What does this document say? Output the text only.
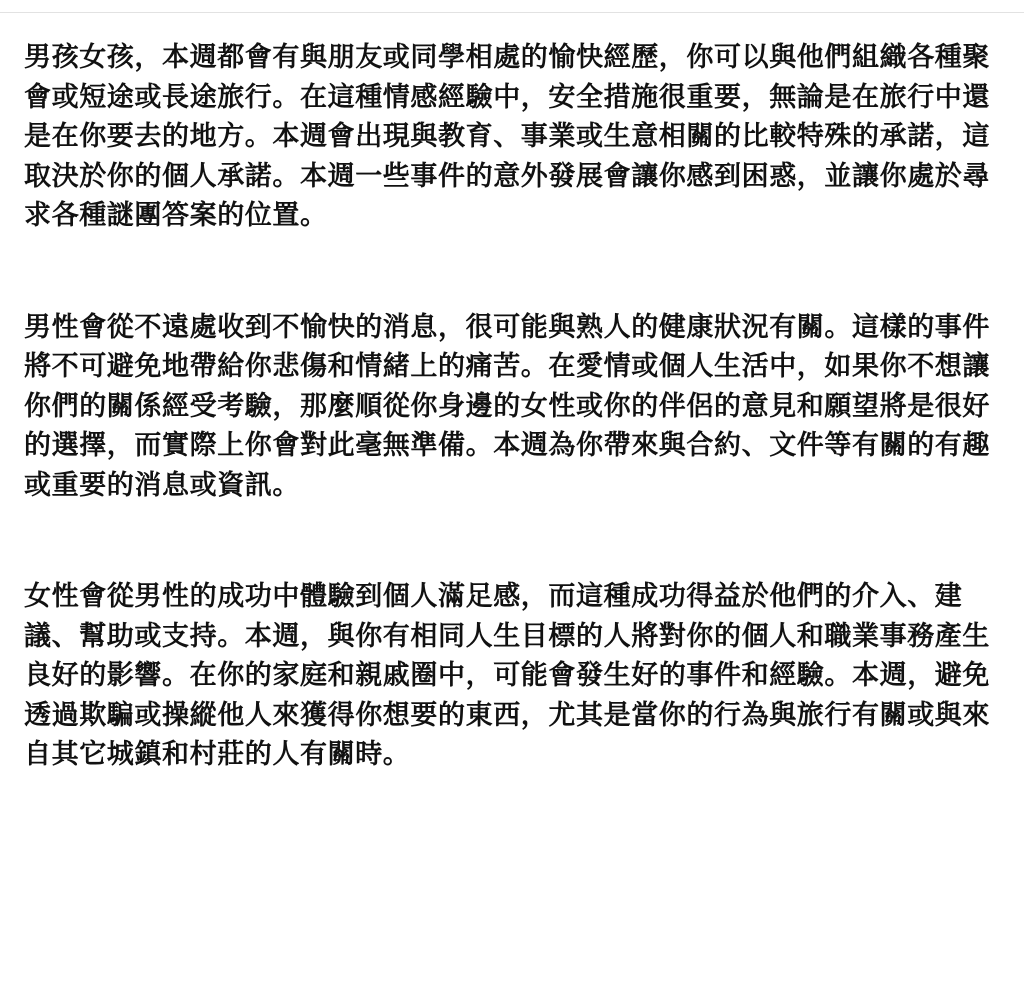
男孩女孩，本週都會有與朋友或同學相處的愉快經歷，你可以與他們組織各種聚會或短途或長途旅行。在這種情感經驗中，安全措施很重要，無論是在旅行中還是在你要去的地方。本週會出現與教育、事業或生意相關的比較特殊的承諾，這取決於你的個人承諾。本週一些事件的意外發展會讓你感到困惑，並讓你處於尋求各種謎團答案的位置。

男性會從不遠處收到不愉快的消息，很可能與熟人的健康狀況有關。這樣的事件將不可避免地帶給你悲傷和情緒上的痛苦。在愛情或個人生活中，如果你不想讓你們的關係經受考驗，那麼順從你身邊的女性或你的伴侶的意見和願望將是很好的選擇，而實際上你會對此毫無準備。本週為你帶來與合約、文件等有關的有趣或重要的消息或資訊。

女性會從男性的成功中體驗到個人滿足感，而這種成功得益於他們的介入、建議、幫助或支持。本週，與你有相同人生目標的人將對你的個人和職業事務產生良好的影響。在你的家庭和親戚圈中，可能會發生好的事件和經驗。本週，避免透過欺騙或操縱他人來獲得你想要的東西，尤其是當你的行為與旅行有關或與來自其它城鎮和村莊的人有關時。
